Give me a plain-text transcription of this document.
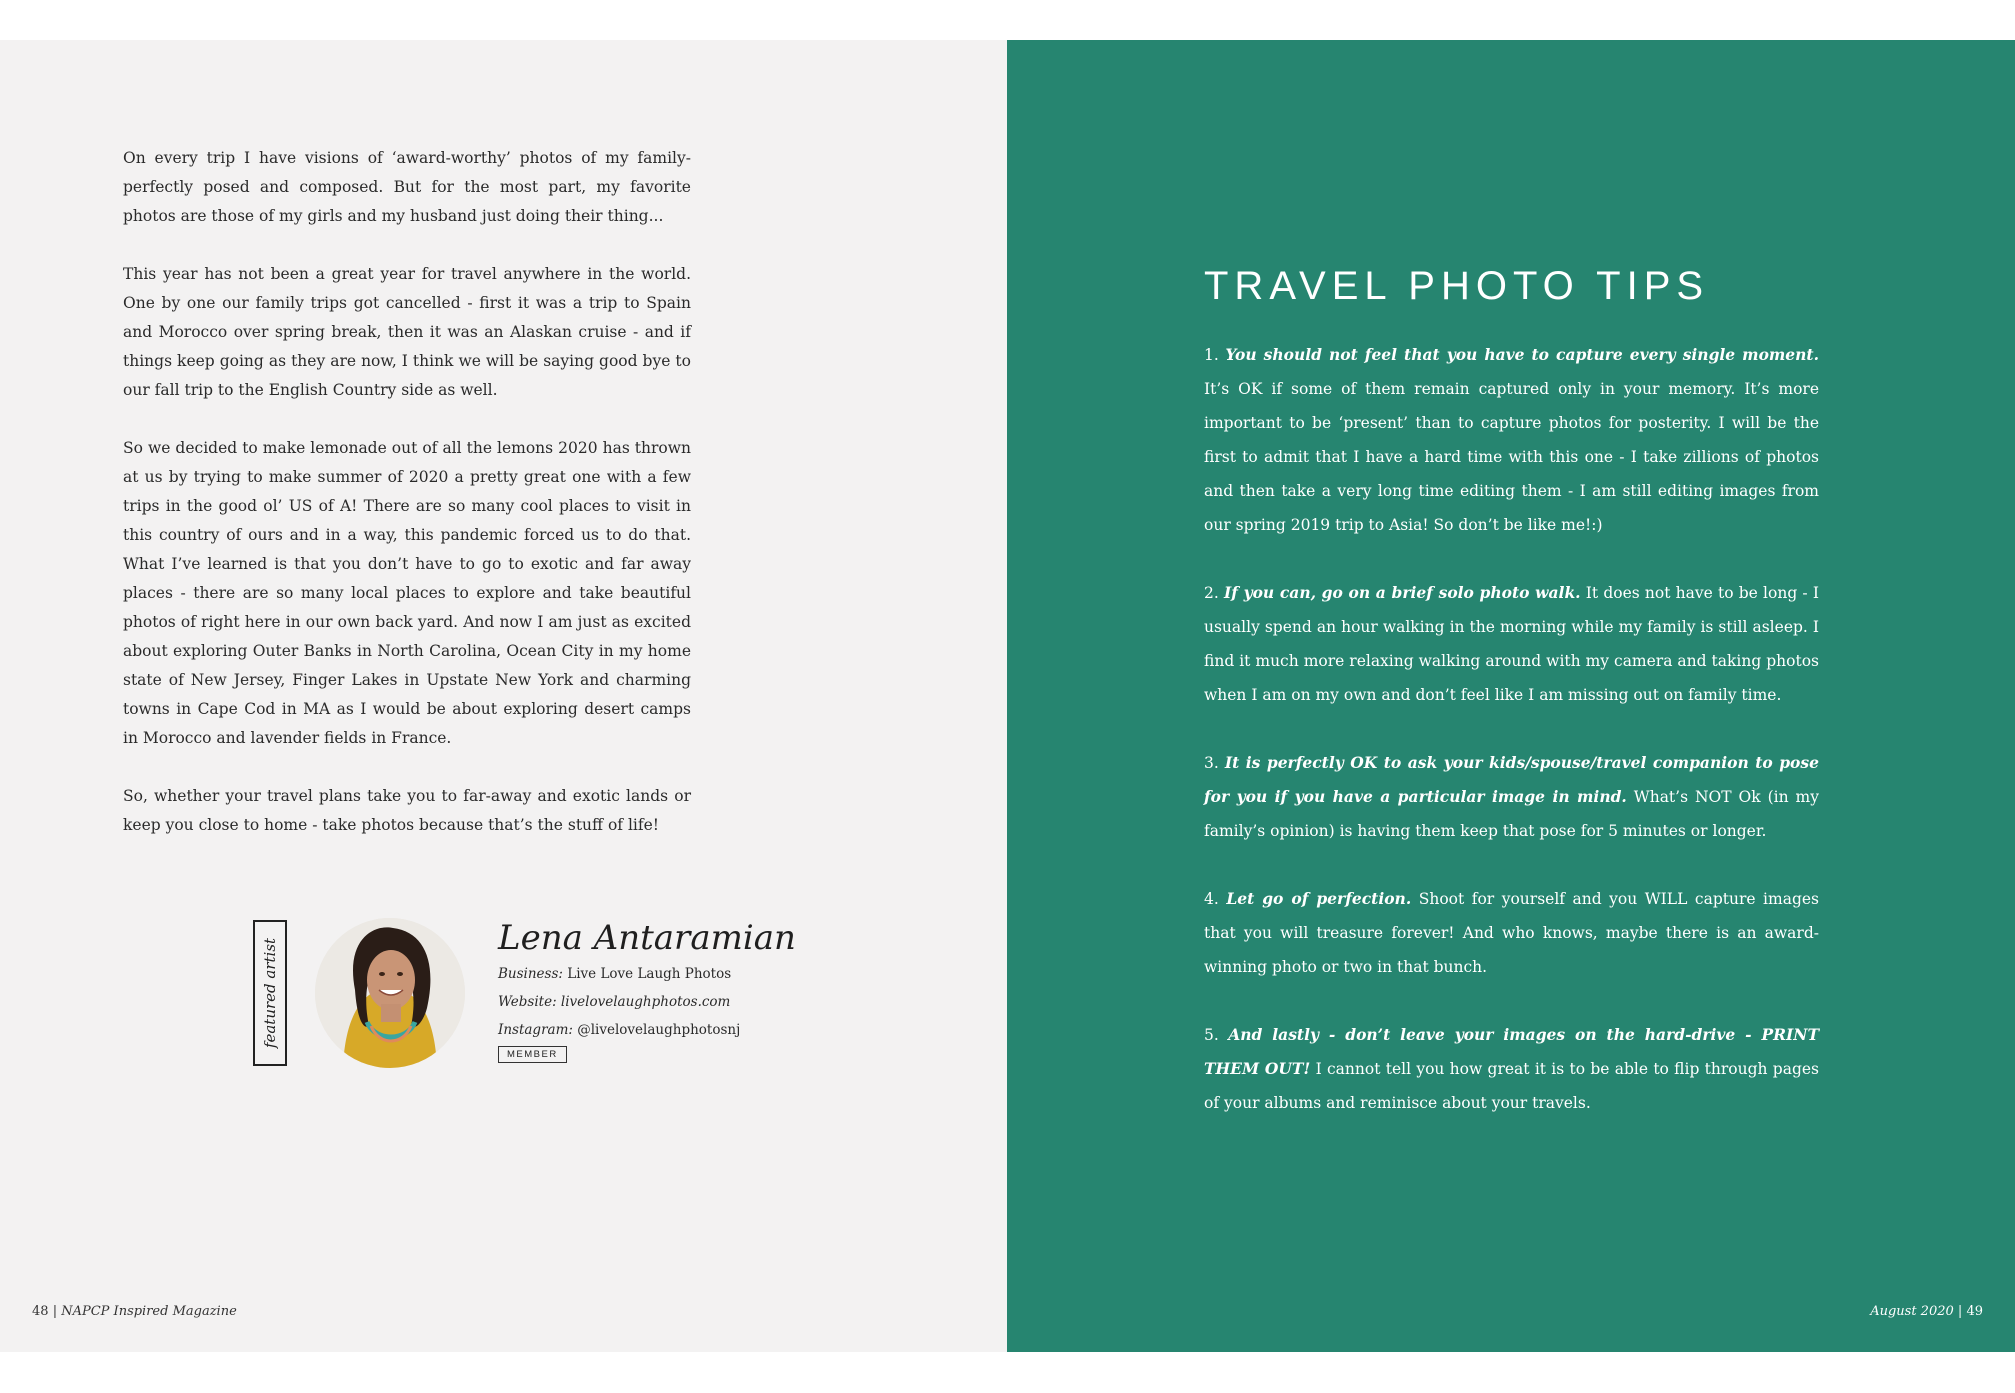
On every trip I have visions of ‘award-worthy’ photos of my family- perfectly posed and composed. But for the most part, my favorite photos are those of my girls and my husband just doing their thing...

This year has not been a great year for travel anywhere in the world. One by one our family trips got cancelled - first it was a trip to Spain and Morocco over spring break, then it was an Alaskan cruise - and if things keep going as they are now, I think we will be saying good bye to our fall trip to the English Country side as well.

So we decided to make lemonade out of all the lemons 2020 has thrown at us by trying to make summer of 2020 a pretty great one with a few trips in the good ol’ US of A! There are so many cool places to visit in this country of ours and in a way, this pandemic forced us to do that. What I’ve learned is that you don’t have to go to exotic and far away places - there are so many local places to explore and take beautiful photos of right here in our own back yard. And now I am just as excited about exploring Outer Banks in North Carolina, Ocean City in my home state of New Jersey, Finger Lakes in Upstate New York and charming towns in Cape Cod in MA as I would be about exploring desert camps in Morocco and lavender fields in France.

So, whether your travel plans take you to far-away and exotic lands or keep you close to home - take photos because that’s the stuff of life!

featured artist	Lena Antaramian
Business: Live Love Laugh Photos
Website: livelovelaughphotos.com
Instagram: @livelovelaughphotosnj
MEMBER
48 | NAPCP Inspired Magazine
TRAVEL PHOTO TIPS

1. You should not feel that you have to capture every single moment. It’s OK if some of them remain captured only in your memory. It’s more important to be ‘present’ than to capture photos for posterity. I will be the first to admit that I have a hard time with this one - I take zillions of photos and then take a very long time editing them - I am still editing images from our spring 2019 trip to Asia! So don’t be like me!:)

2. If you can, go on a brief solo photo walk. It does not have to be long - I usually spend an hour walking in the morning while my family is still asleep. I find it much more relaxing walking around with my camera and taking photos when I am on my own and don’t feel like I am missing out on family time.

3. It is perfectly OK to ask your kids/spouse/travel companion to pose for you if you have a particular image in mind. What’s NOT Ok (in my family’s opinion) is having them keep that pose for 5 minutes or longer.

4. Let go of perfection. Shoot for yourself and you WILL capture images that you will treasure forever! And who knows, maybe there is an award-winning photo or two in that bunch.

5. And lastly - don’t leave your images on the hard-drive - PRINT THEM OUT! I cannot tell you how great it is to be able to flip through pages of your albums and reminisce about your travels.

August 2020 | 49
